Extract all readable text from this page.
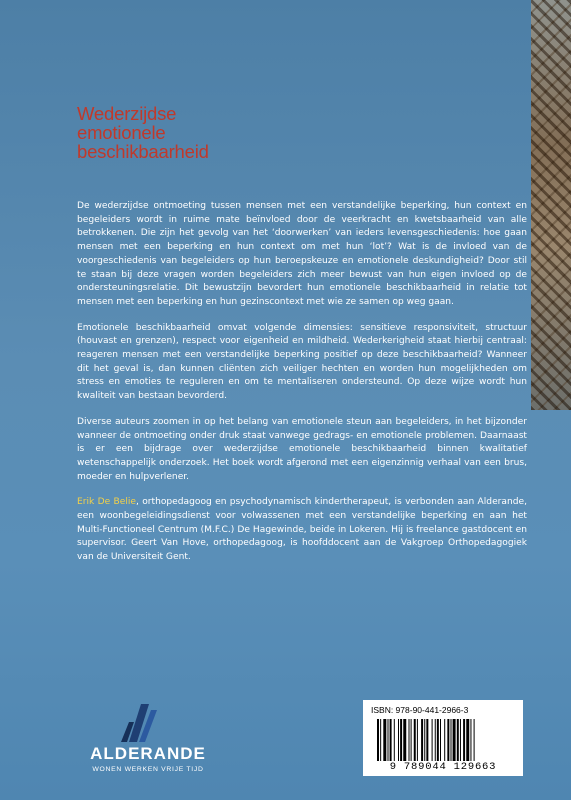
Wederzijdse
emotionele
beschikbaarheid

De wederzijdse ontmoeting tussen mensen met een verstandelijke beperking, hun context en begeleiders wordt in ruime mate beïnvloed door de veerkracht en kwetsbaarheid van alle betrokkenen. Die zijn het gevolg van het ‘doorwerken’ van ieders levensgeschiedenis: hoe gaan mensen met een beperking en hun context om met hun ‘lot’? Wat is de invloed van de voorgeschiedenis van begeleiders op hun beroepskeuze en emotionele deskundigheid? Door stil te staan bij deze vragen worden begeleiders zich meer bewust van hun eigen invloed op de ondersteuningsrelatie. Dit bewustzijn bevordert hun emotionele beschikbaarheid in relatie tot mensen met een beperking en hun gezinscontext met wie ze samen op weg gaan.

Emotionele beschikbaarheid omvat volgende dimensies: sensitieve responsiviteit, structuur (houvast en grenzen), respect voor eigenheid en mildheid. Wederkerigheid staat hierbij centraal: reageren mensen met een verstandelijke beperking positief op deze beschikbaarheid? Wanneer dit het geval is, dan kunnen cliënten zich veiliger hechten en worden hun mogelijkheden om stress en emoties te reguleren en om te mentaliseren ondersteund. Op deze wijze wordt hun kwaliteit van bestaan bevorderd.

Diverse auteurs zoomen in op het belang van emotionele steun aan begeleiders, in het bijzonder wanneer de ontmoeting onder druk staat vanwege gedrags- en emotionele problemen. Daarnaast is er een bijdrage over wederzijdse emotionele beschikbaarheid binnen kwalitatief wetenschappelijk onderzoek. Het boek wordt afgerond met een eigenzinnig verhaal van een brus, moeder en hulpverlener.

Erik De Belie, orthopedagoog en psychodynamisch kindertherapeut, is verbonden aan Alderande, een woonbegeleidingsdienst voor volwassenen met een verstandelijke beperking en aan het Multi-Functioneel Centrum (M.F.C.) De Hagewinde, beide in Lokeren. Hij is freelance gastdocent en supervisor. Geert Van Hove, orthopedagoog, is hoofddocent aan de Vakgroep Orthopedagogiek van de Universiteit Gent.

ALDERANDE
WONEN WERKEN VRIJE TIJD
ISBN: 978-90-441-2966-3
9 789044 129663
